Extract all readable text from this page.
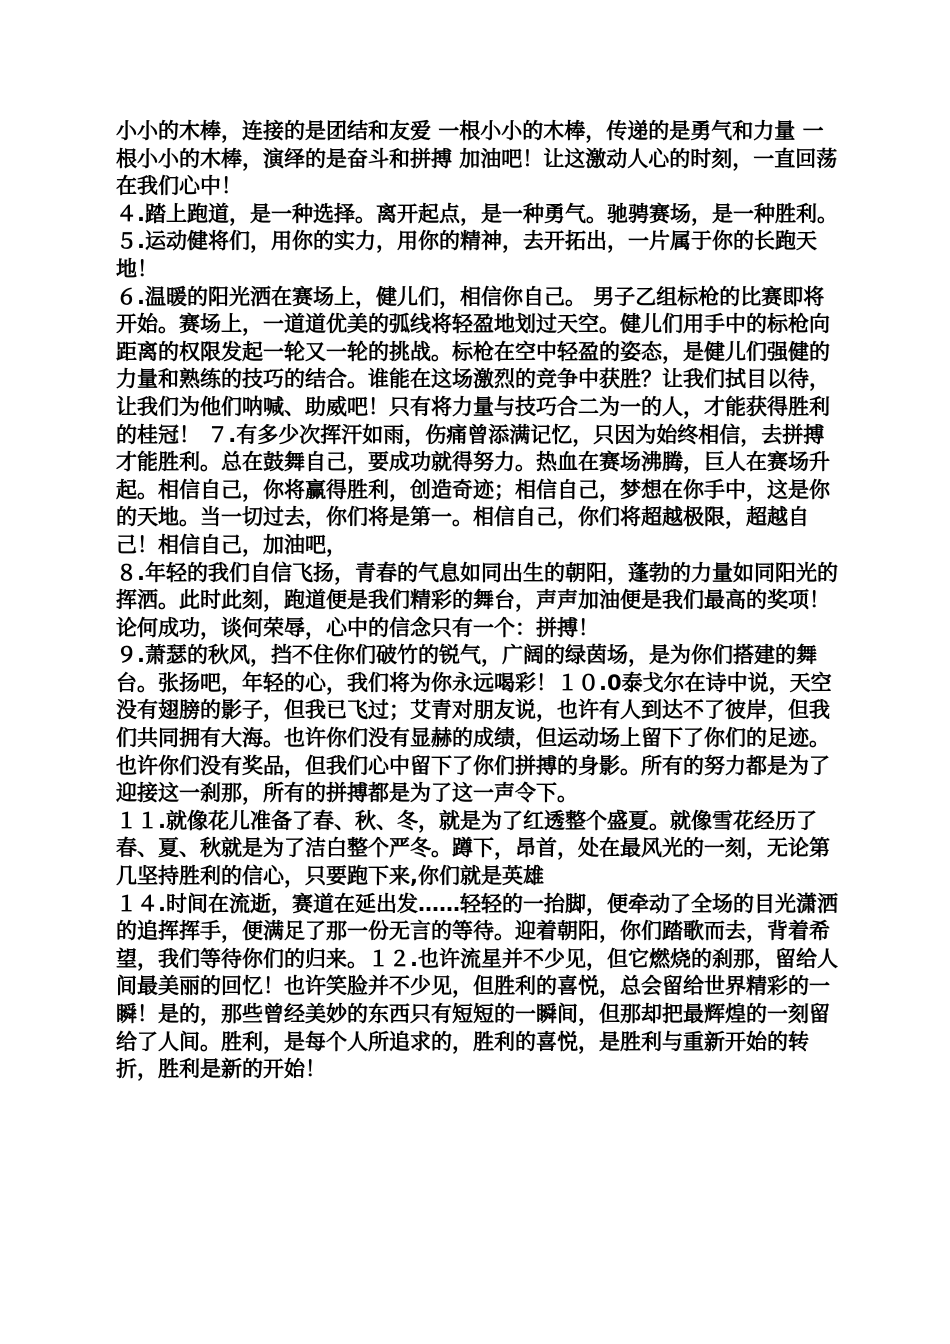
小小的木棒，连接的是团结和友爱 一根小小的木棒，传递的是勇气和力量 一根小小的木棒，演绎的是奋斗和拼搏 加油吧！让这激动人心的时刻，一直回荡在我们心中！

４.踏上跑道，是一种选择。离开起点，是一种勇气。驰骋赛场，是一种胜利。

５.运动健将们，用你的实力，用你的精神，去开拓出，一片属于你的长跑天地！

６.温暖的阳光洒在赛场上，健儿们，相信你自己。 男子乙组标枪的比赛即将开始。赛场上，一道道优美的弧线将轻盈地划过天空。健儿们用手中的标枪向距离的权限发起一轮又一轮的挑战。标枪在空中轻盈的姿态，是健儿们强健的力量和熟练的技巧的结合。谁能在这场激烈的竞争中获胜？让我们拭目以待，让我们为他们呐喊、助威吧！只有将力量与技巧合二为一的人，才能获得胜利的桂冠！ ７.有多少次挥汗如雨，伤痛曾添满记忆，只因为始终相信，去拼搏才能胜利。总在鼓舞自己，要成功就得努力。热血在赛场沸腾，巨人在赛场升起。相信自己，你将赢得胜利，创造奇迹；相信自己，梦想在你手中，这是你的天地。当一切过去，你们将是第一。相信自己，你们将超越极限，超越自己！相信自己，加油吧，

８.年轻的我们自信飞扬，青春的气息如同出生的朝阳，蓬勃的力量如同阳光的挥洒。此时此刻，跑道便是我们精彩的舞台，声声加油便是我们最高的奖项！论何成功，谈何荣辱，心中的信念只有一个：拼搏！

９.萧瑟的秋风，挡不住你们破竹的锐气，广阔的绿茵场，是为你们搭建的舞台。张扬吧，年轻的心，我们将为你永远喝彩！１０.0泰戈尔在诗中说，天空没有翅膀的影子，但我已飞过；艾青对朋友说，也许有人到达不了彼岸，但我们共同拥有大海。也许你们没有显赫的成绩，但运动场上留下了你们的足迹。也许你们没有奖品，但我们心中留下了你们拼搏的身影。所有的努力都是为了迎接这一刹那，所有的拼搏都是为了这一声令下。

１１.就像花儿准备了春、秋、冬，就是为了红透整个盛夏。就像雪花经历了春、夏、秋就是为了洁白整个严冬。蹲下，昂首，处在最风光的一刻，无论第几坚持胜利的信心，只要跑下来,你们就是英雄

１４.时间在流逝，赛道在延出发……轻轻的一抬脚，便牵动了全场的目光潇洒的追挥挥手，便满足了那一份无言的等待。迎着朝阳，你们踏歌而去，背着希望，我们等待你们的归来。１２.也许流星并不少见，但它燃烧的刹那，留给人间最美丽的回忆！也许笑脸并不少见，但胜利的喜悦，总会留给世界精彩的一瞬！是的，那些曾经美妙的东西只有短短的一瞬间，但那却把最辉煌的一刻留给了人间。胜利，是每个人所追求的，胜利的喜悦，是胜利与重新开始的转折，胜利是新的开始！
